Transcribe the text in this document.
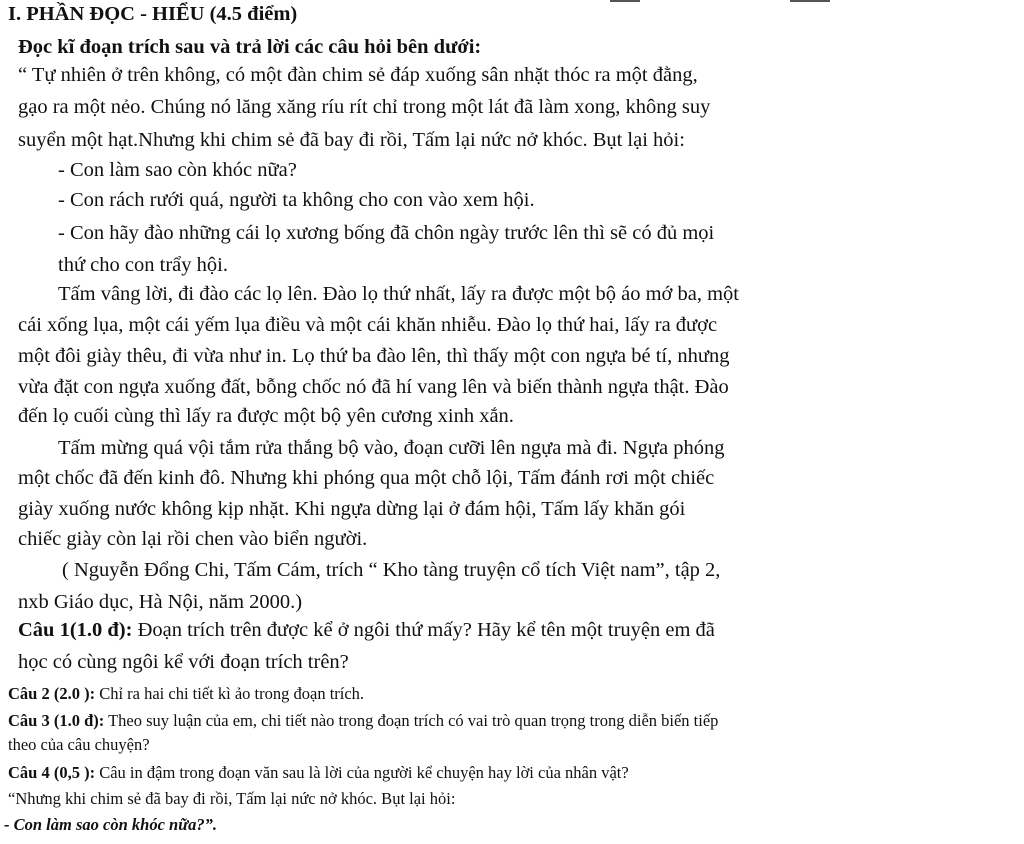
I. PHẦN ĐỌC - HIỂU (4.5 điểm)
Đọc kĩ đoạn trích sau và trả lời các câu hỏi bên dưới:
“ Tự nhiên ở trên không, có một đàn chim sẻ đáp xuống sân nhặt thóc ra một đằng,
gạo ra một nẻo. Chúng nó lăng xăng ríu rít chỉ trong một lát đã làm xong, không suy
suyển một hạt.Nhưng khi chim sẻ đã bay đi rồi, Tấm lại nức nở khóc. Bụt lại hỏi:
- Con làm sao còn khóc nữa?
- Con rách rưới quá, người ta không cho con vào xem hội.
- Con hãy đào những cái lọ xương bống đã chôn ngày trước lên thì sẽ có đủ mọi
thứ cho con trẩy hội.
Tấm vâng lời, đi đào các lọ lên. Đào lọ thứ nhất, lấy ra được một bộ áo mớ ba, một
cái xống lụa, một cái yếm lụa điều và một cái khăn nhiễu. Đào lọ thứ hai, lấy ra được
một đôi giày thêu, đi vừa như in. Lọ thứ ba đào lên, thì thấy một con ngựa bé tí, nhưng
vừa đặt con ngựa xuống đất, bỗng chốc nó đã hí vang lên và biến thành ngựa thật. Đào
đến lọ cuối cùng thì lấy ra được một bộ yên cương xinh xắn.
Tấm mừng quá vội tắm rửa thắng bộ vào, đoạn cưỡi lên ngựa mà đi. Ngựa phóng
một chốc đã đến kinh đô. Nhưng khi phóng qua một chỗ lội, Tấm đánh rơi một chiếc
giày xuống nước không kịp nhặt. Khi ngựa dừng lại ở đám hội, Tấm lấy khăn gói
chiếc giày còn lại rồi chen vào biển người.
( Nguyễn Đổng Chi, Tấm Cám, trích “ Kho tàng truyện cổ tích Việt nam”, tập 2,
nxb Giáo dục, Hà Nội, năm 2000.)
Câu 1(1.0 đ): Đoạn trích trên được kể ở ngôi thứ mấy? Hãy kể tên một truyện em đã
học có cùng ngôi kể với đoạn trích trên?
Câu 2 (2.0 ): Chỉ ra hai chi tiết kì ảo trong đoạn trích.
Câu 3 (1.0 đ): Theo suy luận của em, chi tiết nào trong đoạn trích có vai trò quan trọng trong diễn biến tiếp
theo của câu chuyện?
Câu 4 (0,5 ): Câu in đậm trong đoạn văn sau là lời của người kể chuyện hay lời của nhân vật?
“Nhưng khi chim sẻ đã bay đi rồi, Tấm lại nức nở khóc. Bụt lại hỏi:
- Con làm sao còn khóc nữa?”.
